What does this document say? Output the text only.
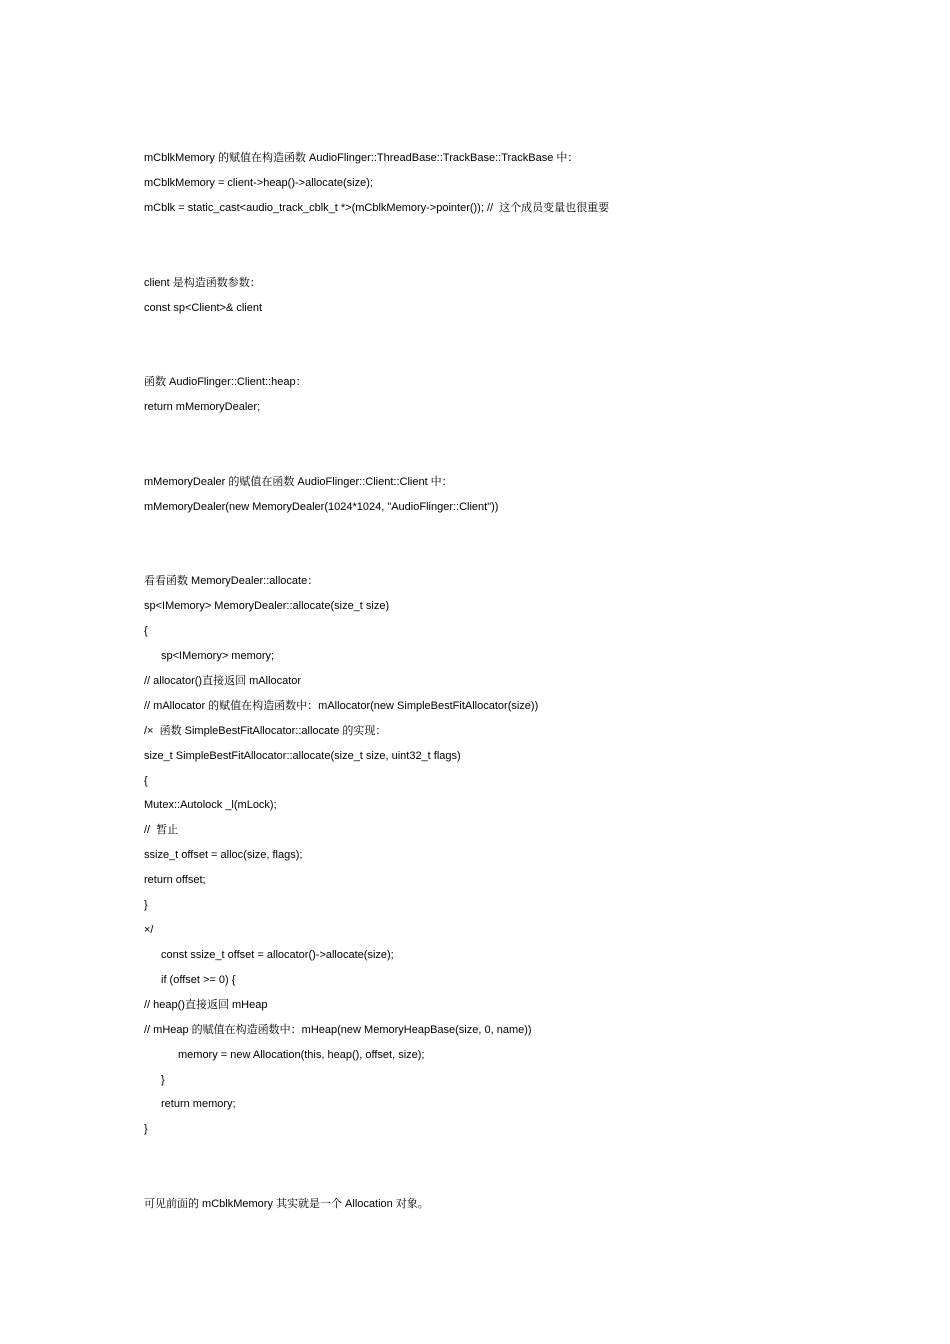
mCblkMemory 的赋值在构造函数 AudioFlinger::ThreadBase::TrackBase::TrackBase 中：
mCblkMemory = client->heap()->allocate(size);
mCblk = static_cast<audio_track_cblk_t *>(mCblkMemory->pointer()); //  这个成员变量也很重要
client 是构造函数参数：
const sp<Client>& client
函数 AudioFlinger::Client::heap：
return mMemoryDealer;
mMemoryDealer 的赋值在函数 AudioFlinger::Client::Client 中：
mMemoryDealer(new MemoryDealer(1024*1024, "AudioFlinger::Client"))
看看函数 MemoryDealer::allocate：
sp<IMemory> MemoryDealer::allocate(size_t size)
{
sp<IMemory> memory;
// allocator()直接返回 mAllocator
// mAllocator 的赋值在构造函数中：mAllocator(new SimpleBestFitAllocator(size))
/×  函数 SimpleBestFitAllocator::allocate 的实现：
size_t SimpleBestFitAllocator::allocate(size_t size, uint32_t flags)
{
Mutex::Autolock _l(mLock);
//  暂止
ssize_t offset = alloc(size, flags);
return offset;
}
×/
const ssize_t offset = allocator()->allocate(size);
if (offset >= 0) {
// heap()直接返回 mHeap
// mHeap 的赋值在构造函数中：mHeap(new MemoryHeapBase(size, 0, name))
memory = new Allocation(this, heap(), offset, size);
}
return memory;
}
可见前面的 mCblkMemory 其实就是一个 Allocation 对象。
